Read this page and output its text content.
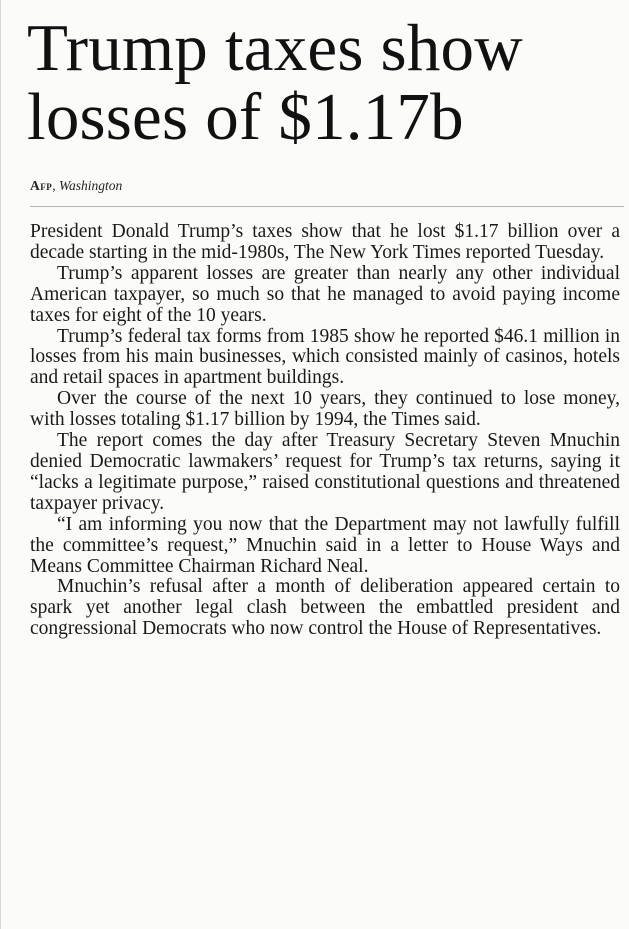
Trump taxes show losses of $1.17b
Afp, Washington

President Donald Trump’s taxes show that he lost $1.17 billion over a decade starting in the mid-1980s, The New York Times reported Tuesday.

Trump’s apparent losses are greater than nearly any other individual American taxpayer, so much so that he managed to avoid paying income taxes for eight of the 10 years.

Trump’s federal tax forms from 1985 show he reported $46.1 million in losses from his main businesses, which consisted mainly of casinos, hotels and retail spaces in apartment buildings.

Over the course of the next 10 years, they continued to lose money, with losses totaling $1.17 billion by 1994, the Times said.

The report comes the day after Treasury Secretary Steven Mnuchin denied Democratic lawmakers’ request for Trump’s tax returns, saying it “lacks a legitimate purpose,” raised constitutional questions and threatened taxpayer privacy.

“I am informing you now that the Department may not lawfully fulfill the committee’s request,” Mnuchin said in a letter to House Ways and Means Committee Chairman Richard Neal.

Mnuchin’s refusal after a month of deliberation appeared certain to spark yet another legal clash between the embattled president and congressional Democrats who now control the House of Representatives.
